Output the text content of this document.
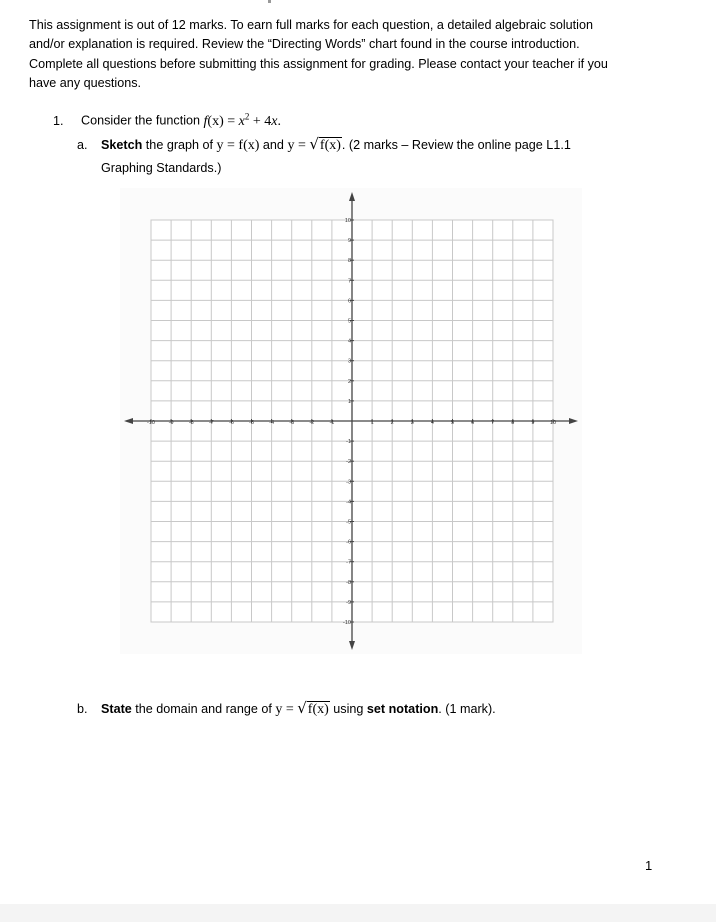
This assignment is out of 12 marks. To earn full marks for each question, a detailed algebraic solution
and/or explanation is required. Review the “Directing Words” chart found in the course introduction.
Complete all questions before submitting this assignment for grading. Please contact your teacher if you
have any questions.
1. Consider the function $f(x) = x^2 + 4x$.
a. Sketch the graph of y = f(x) and y = √f(x). (2 marks – Review the online page L1.1
Graphing Standards.)
-10 -9	-8	-7	-6	-5	-4	-3	-2	-1	1	2	3	4	5	6	7	8	9	10
10
9
8
7
6
5
4
3
2
1
-1
-2
-3
-4
-5
-6
-7
-8
-9
-10
b. State the domain and range of y = √f(x) using set notation. (1 mark).
1
